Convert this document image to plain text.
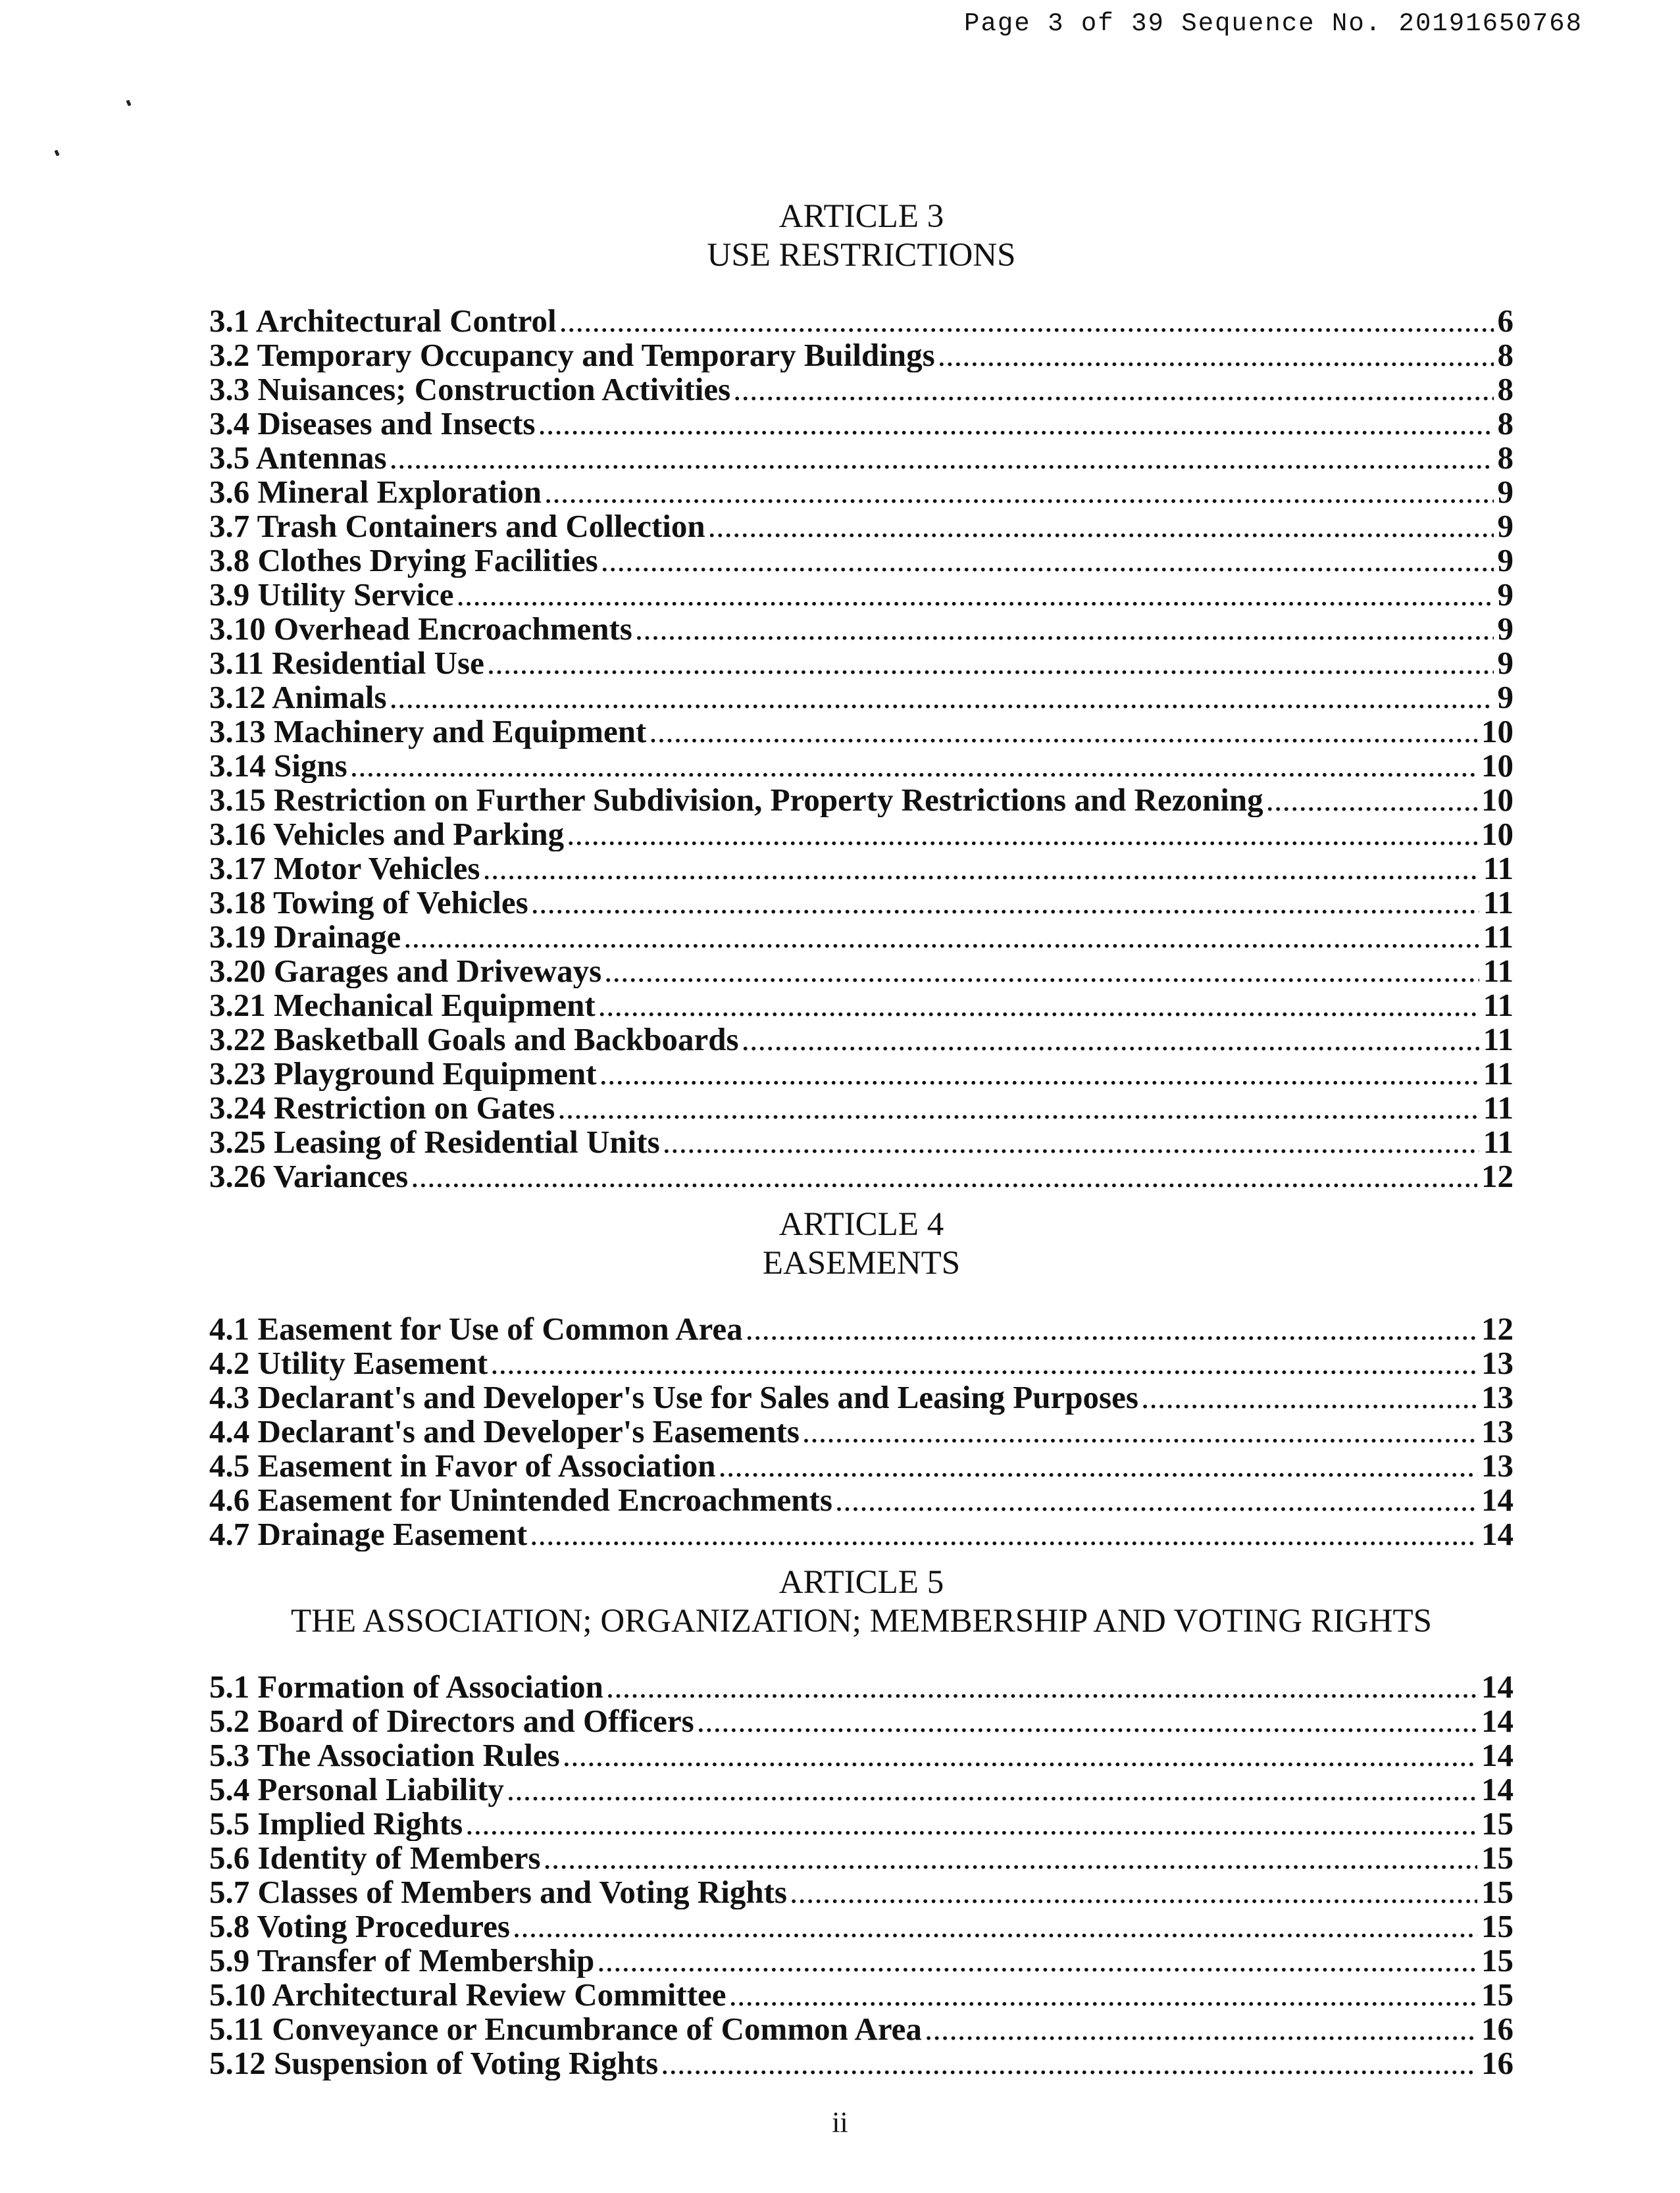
Page 3 of 39 Sequence No. 20191650768
ARTICLE 3
USE RESTRICTIONS
3.1 Architectural Control . . .	6
3.2 Temporary Occupancy and Temporary Buildings . . .	8
3.3 Nuisances; Construction Activities . . .	8
3.4 Diseases and Insects . . .	8
3.5 Antennas . . .	8
3.6 Mineral Exploration . . .	9
3.7 Trash Containers and Collection . . .	9
3.8 Clothes Drying Facilities . . .	9
3.9 Utility Service . . .	9
3.10 Overhead Encroachments . . .	9
3.11 Residential Use . . .	9
3.12 Animals . . .	9
3.13 Machinery and Equipment . . .	10
3.14 Signs . . .	10
3.15 Restriction on Further Subdivision, Property Restrictions and Rezoning . . .	10
3.16 Vehicles and Parking . . .	10
3.17 Motor Vehicles . . .	11
3.18 Towing of Vehicles . . .	11
3.19 Drainage . . .	11
3.20 Garages and Driveways . . .	11
3.21 Mechanical Equipment . . .	11
3.22 Basketball Goals and Backboards . . .	11
3.23 Playground Equipment . . .	11
3.24 Restriction on Gates . . .	11
3.25 Leasing of Residential Units . . .	11
3.26 Variances . . .	12
ARTICLE 4
EASEMENTS
4.1 Easement for Use of Common Area . . .	12
4.2 Utility Easement . . .	13
4.3 Declarant's and Developer's Use for Sales and Leasing Purposes . . .	13
4.4 Declarant's and Developer's Easements . . .	13
4.5 Easement in Favor of Association . . .	13
4.6 Easement for Unintended Encroachments . . .	14
4.7 Drainage Easement . . .	14
ARTICLE 5
THE ASSOCIATION; ORGANIZATION; MEMBERSHIP AND VOTING RIGHTS
5.1 Formation of Association . . .	14
5.2 Board of Directors and Officers . . .	14
5.3 The Association Rules . . .	14
5.4 Personal Liability . . .	14
5.5 Implied Rights . . .	15
5.6 Identity of Members . . .	15
5.7 Classes of Members and Voting Rights . . .	15
5.8 Voting Procedures . . .	15
5.9 Transfer of Membership . . .	15
5.10 Architectural Review Committee . . .	15
5.11 Conveyance or Encumbrance of Common Area . . .	16
5.12 Suspension of Voting Rights . . .	16
ii
